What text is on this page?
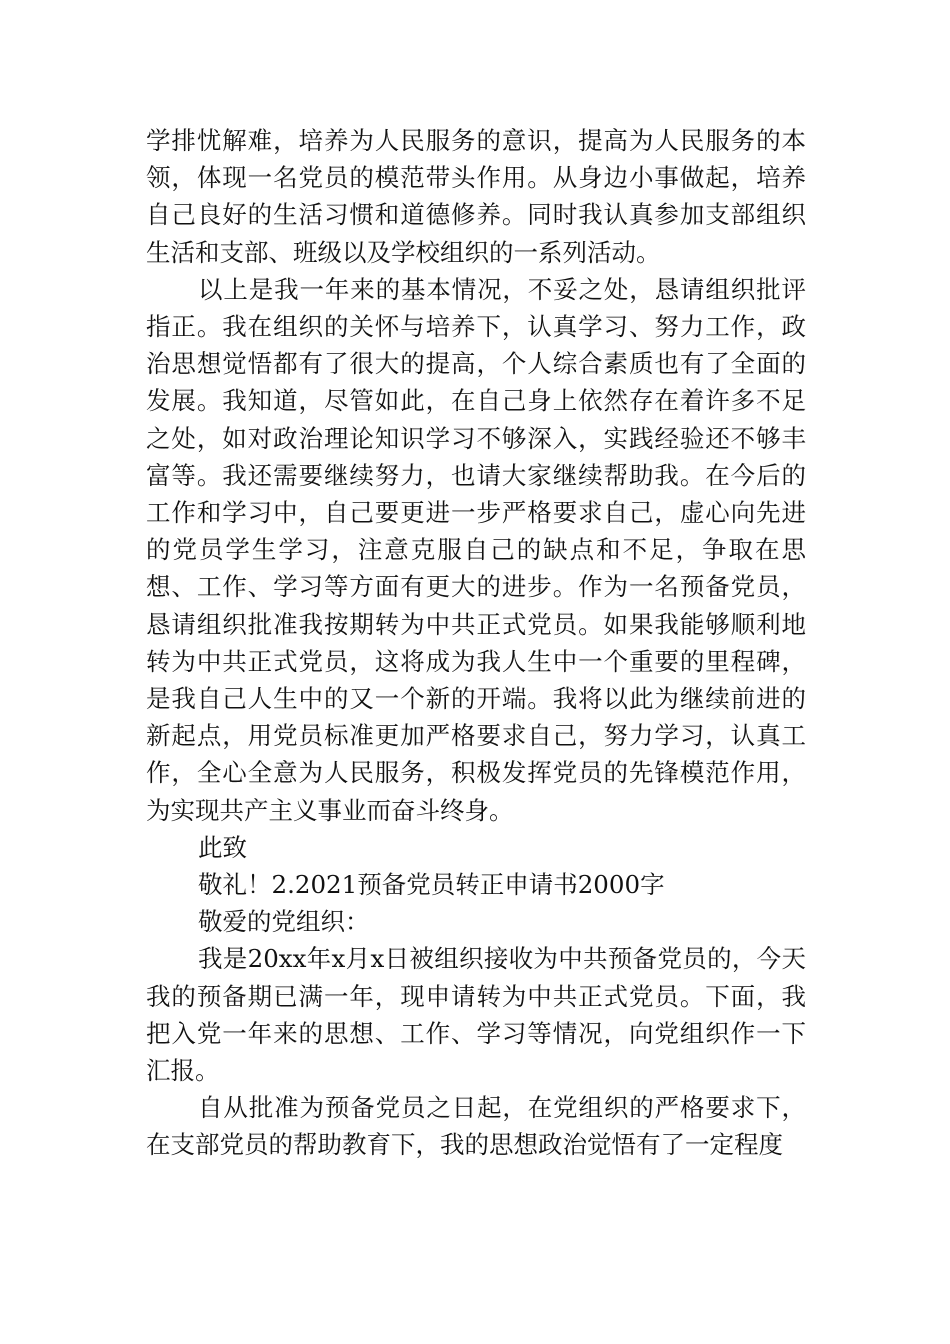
学排忧解难，培养为人民服务的意识，提高为人民服务的本领，体现一名党员的模范带头作用。从身边小事做起，培养自己良好的生活习惯和道德修养。同时我认真参加支部组织生活和支部、班级以及学校组织的一系列活动。

以上是我一年来的基本情况，不妥之处，恳请组织批评指正。我在组织的关怀与培养下，认真学习、努力工作，政治思想觉悟都有了很大的提高，个人综合素质也有了全面的发展。我知道，尽管如此，在自己身上依然存在着许多不足之处，如对政治理论知识学习不够深入，实践经验还不够丰富等。我还需要继续努力，也请大家继续帮助我。在今后的工作和学习中，自己要更进一步严格要求自己，虚心向先进的党员学生学习，注意克服自己的缺点和不足，争取在思想、工作、学习等方面有更大的进步。作为一名预备党员，恳请组织批准我按期转为中共正式党员。如果我能够顺利地转为中共正式党员，这将成为我人生中一个重要的里程碑，是我自己人生中的又一个新的开端。我将以此为继续前进的新起点，用党员标准更加严格要求自己，努力学习，认真工作，全心全意为人民服务，积极发挥党员的先锋模范作用，为实现共产主义事业而奋斗终身。

此致

敬礼！2.2021预备党员转正申请书2000字

敬爱的党组织：

我是20xx年x月x日被组织接收为中共预备党员的，今天我的预备期已满一年，现申请转为中共正式党员。下面，我把入党一年来的思想、工作、学习等情况，向党组织作一下汇报。

自从批准为预备党员之日起，在党组织的严格要求下，在支部党员的帮助教育下，我的思想政治觉悟有了一定程度
